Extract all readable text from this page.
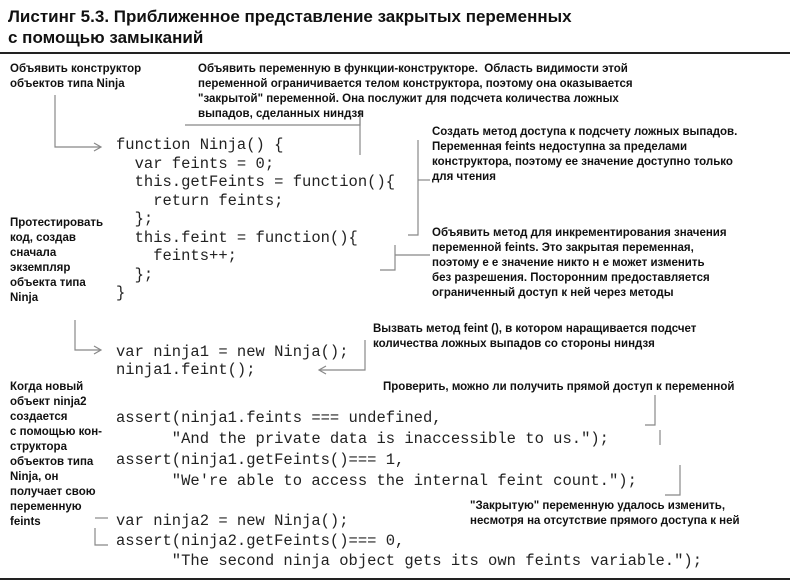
Листинг 5.3. Приближенное представление закрытых переменных
с помощью замыканий
Объявить конструктор
объектов типа Ninja
Объявить переменную в функции-конструкторе.  Область видимости этой
переменной ограничивается телом конструктора, поэтому она оказывается
"закрытой" переменной. Она послужит для подсчета количества ложных
выпадов, сделанных ниндзя
Создать метод доступа к подсчету ложных выпадов.
Переменная feints недоступна за пределами
конструктора, поэтому ее значение доступно только
для чтения
Протестировать
код, создав
сначала
экземпляр
объекта типа
Ninja
Объявить метод для инкрементирования значения
переменной feints. Это закрытая переменная,
поэтому е е значение никто н е может изменить
без разрешения. Посторонним предоставляется
ограниченный доступ к ней через методы
Вызвать метод feint (), в котором наращивается подсчет
количества ложных выпадов со стороны ниндзя
Когда новый
объект ninja2
создается
с помощью кон-
структора
объектов типа
Ninja, он
получает свою
переменную
feints
Проверить, можно ли получить прямой доступ к переменной
"Закрытую" переменную удалось изменить,
несмотря на отсутствие прямого доступа к ней
function Ninja() {
var feints = 0;
this.getFeints = function(){
return feints;
};
this.feint = function(){
feints++;
};
}
var ninja1 = new Ninja();
ninja1.feint();
assert(ninja1.feints === undefined,
"And the private data is inaccessible to us.");
assert(ninja1.getFeints()=== 1,
"We're able to access the internal feint count.");
var ninja2 = new Ninja();
assert(ninja2.getFeints()=== 0,
"The second ninja object gets its own feints variable.");
